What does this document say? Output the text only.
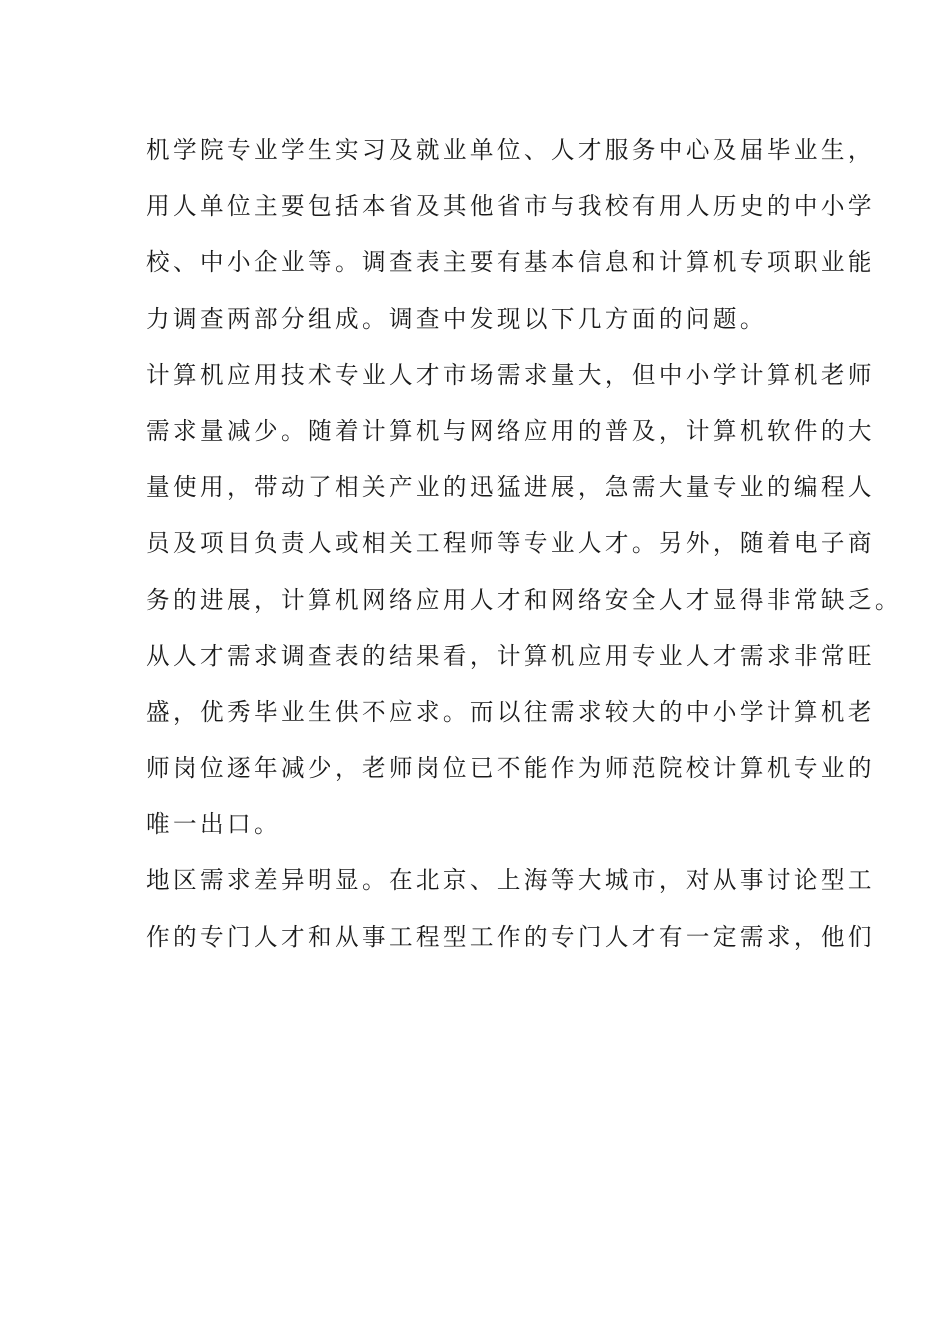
机学院专业学生实习及就业单位、人才服务中心及届毕业生，
用人单位主要包括本省及其他省市与我校有用人历史的中小学
校、中小企业等。调查表主要有基本信息和计算机专项职业能
力调查两部分组成。调查中发现以下几方面的问题。
计算机应用技术专业人才市场需求量大，但中小学计算机老师
需求量减少。随着计算机与网络应用的普及，计算机软件的大
量使用，带动了相关产业的迅猛进展，急需大量专业的编程人
员及项目负责人或相关工程师等专业人才。另外，随着电子商
务的进展，计算机网络应用人才和网络安全人才显得非常缺乏。
从人才需求调查表的结果看，计算机应用专业人才需求非常旺
盛，优秀毕业生供不应求。而以往需求较大的中小学计算机老
师岗位逐年减少，老师岗位已不能作为师范院校计算机专业的
唯一出口。
地区需求差异明显。在北京、上海等大城市，对从事讨论型工
作的专门人才和从事工程型工作的专门人才有一定需求，他们
